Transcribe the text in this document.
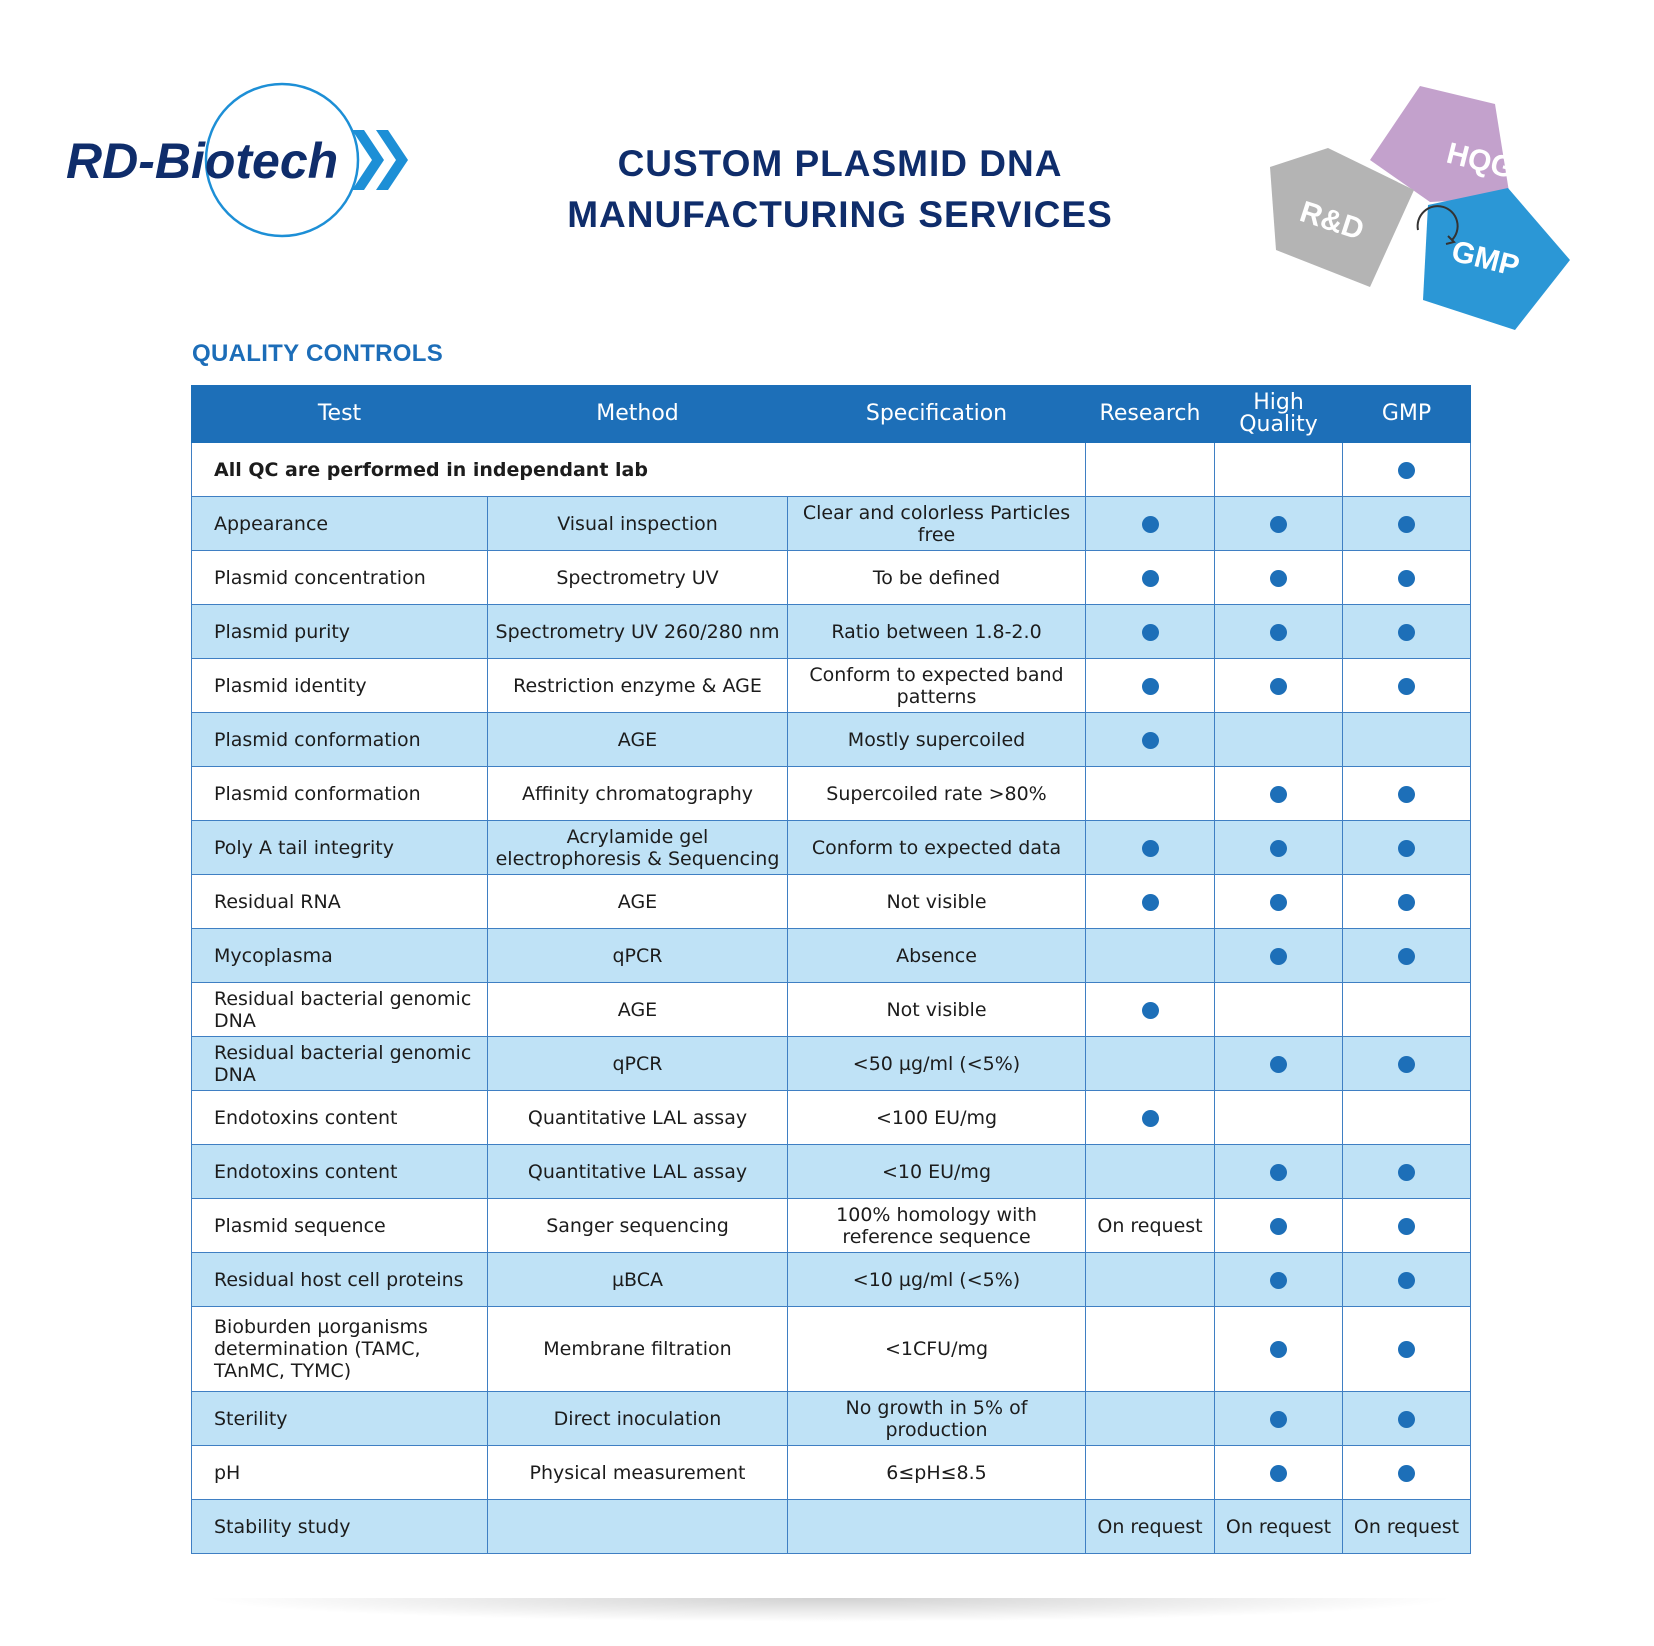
RD-Biotech	CUSTOM PLASMID DNA
MANUFACTURING SERVICES
HQG
R&D
GMP
QUALITY CONTROLS
Test	Method	Specification	Research	High Quality	GMP
All QC are performed in independant lab					
Appearance	Visual inspection	Clear and colorless Particles free			
Plasmid concentration	Spectrometry UV	To be defined			
Plasmid purity	Spectrometry UV 260/280 nm	Ratio between 1.8-2.0			
Plasmid identity	Restriction enzyme & AGE	Conform to expected band patterns			
Plasmid conformation	AGE	Mostly supercoiled			
Plasmid conformation	Affinity chromatography	Supercoiled rate >80%			
Poly A tail integrity	Acrylamide gel electrophoresis & Sequencing	Conform to expected data			
Residual RNA	AGE	Not visible			
Mycoplasma	qPCR	Absence			
Residual bacterial genomic DNA	AGE	Not visible			
Residual bacterial genomic DNA	qPCR	<50 µg/ml (<5%)			
Endotoxins content	Quantitative LAL assay	<100 EU/mg			
Endotoxins content	Quantitative LAL assay	<10 EU/mg			
Plasmid sequence	Sanger sequencing	100% homology with reference sequence	On request		
Residual host cell proteins	µBCA	<10 µg/ml (<5%)			
Bioburden µorganisms determination (TAMC, TAnMC, TYMC)	Membrane filtration	<1CFU/mg			
Sterility	Direct inoculation	No growth in 5% of production			
pH	Physical measurement	6≤pH≤8.5			
Stability study			On request	On request	On request
